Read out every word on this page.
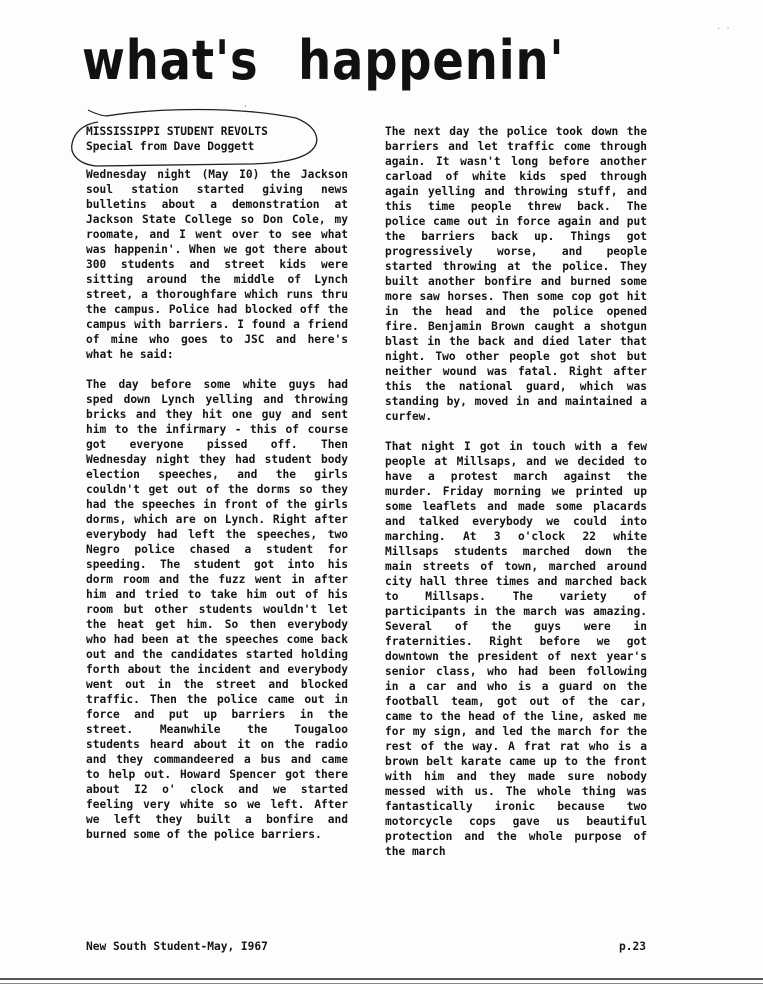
what's happenin'
· ·
·
MISSISSIPPI STUDENT REVOLTS
Special from Dave Doggett

Wednesday night (May I0) the Jackson soul station started giving news bulletins about a demonstration at Jackson State College so Don Cole, my roomate, and I went over to see what was happenin'. When we got there about 300 students and street kids were sitting around the middle of Lynch street, a thoroughfare which runs thru the campus. Police had blocked off the campus with barriers. I found a friend of mine who goes to JSC and here's what he said:

The day before some white guys had sped down Lynch yelling and throwing bricks and they hit one guy and sent him to the infirmary - this of course got everyone pissed off. Then Wednesday night they had student body election speeches, and the girls couldn't get out of the dorms so they had the speeches in front of the girls dorms, which are on Lynch. Right after everybody had left the speeches, two Negro police chased a student for speeding. The student got into his dorm room and the fuzz went in after him and tried to take him out of his room but other students wouldn't let the heat get him. So then everybody who had been at the speeches come back out and the candidates started holding forth about the incident and everybody went out in the street and blocked traffic. Then the police came out in force and put up barriers in the street. Meanwhile the Tougaloo students heard about it on the radio and they commandeered a bus and came to help out. Howard Spencer got there about I2 o' clock and we started feeling very white so we left. After we left they built a bonfire and burned some of the police barriers.

The next day the police took down the barriers and let traffic come through again. It wasn't long before another carload of white kids sped through again yelling and throwing stuff, and this time people threw back. The police came out in force again and put the barriers back up. Things got progressively worse, and people started throwing at the police. They built another bonfire and burned some more saw horses. Then some cop got hit in the head and the police opened fire. Benjamin Brown caught a shotgun blast in the back and died later that night. Two other people got shot but neither wound was fatal. Right after this the national guard, which was standing by, moved in and maintained a curfew.

That night I got in touch with a few people at Millsaps, and we decided to have a protest march against the murder. Friday morning we printed up some leaflets and made some placards and talked everybody we could into marching. At 3 o'clock 22 white Millsaps students marched down the main streets of town, marched around city hall three times and marched back to Millsaps. The variety of participants in the march was amazing. Several of the guys were in fraternities. Right before we got downtown the president of next year's senior class, who had been following in a car and who is a guard on the football team, got out of the car, came to the head of the line, asked me for my sign, and led the march for the rest of the way. A frat rat who is a brown belt karate came up to the front with him and they made sure nobody messed with us. The whole thing was fantastically ironic because two motorcycle cops gave us beautiful protection and the whole purpose of the march

New South Student-May, I967	p.23
